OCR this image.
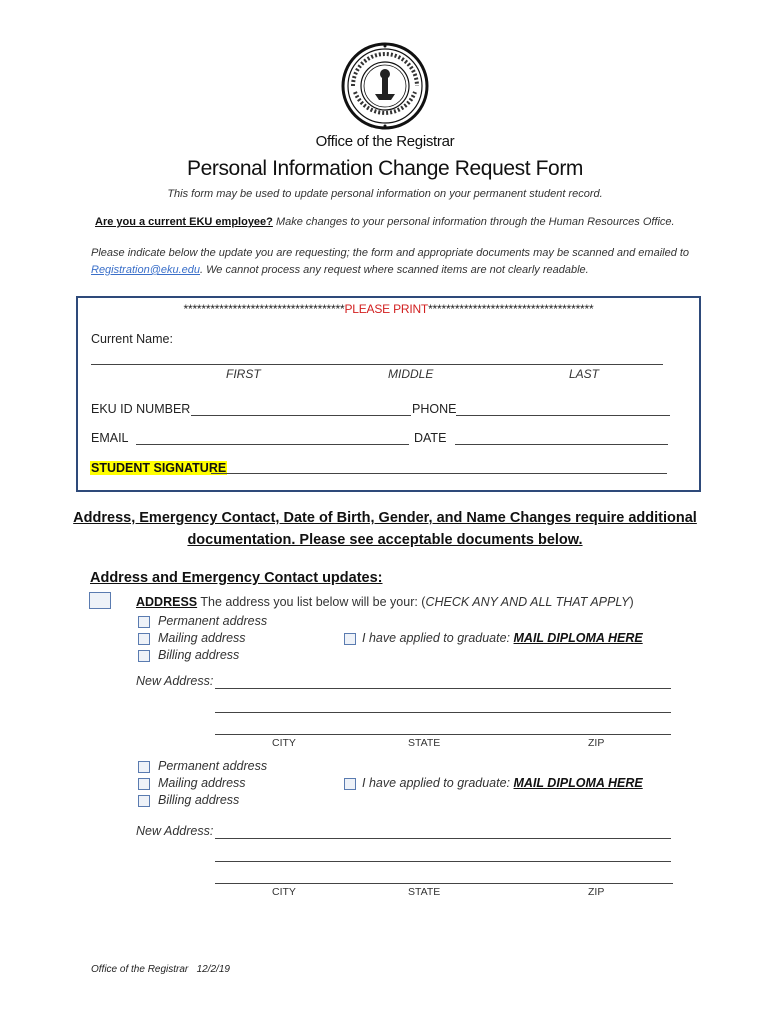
Office of the Registrar
Personal Information Change Request Form
This form may be used to update personal information on your permanent student record.
Are you a current EKU employee? Make changes to your personal information through the Human Resources Office.
Please indicate below the update you are requesting; the form and appropriate documents may be scanned and emailed to Registration@eku.edu. We cannot process any request where scanned items are not clearly readable.
************************************PLEASE PRINT*************************************
Current Name:
FIRST	MIDDLE	LAST
EKU ID NUMBER	PHONE
EMAIL	DATE
STUDENT SIGNATURE
Address, Emergency Contact, Date of Birth, Gender, and Name Changes require additional documentation. Please see acceptable documents below.
Address and Emergency Contact updates:
ADDRESS The address you list below will be your: (CHECK ANY AND ALL THAT APPLY)
Permanent address
Mailing address
Billing address
I have applied to graduate: MAIL DIPLOMA HERE
New Address:
CITY	STATE	ZIP
Permanent address
Mailing address
Billing address
I have applied to graduate: MAIL DIPLOMA HERE
New Address:
CITY	STATE	ZIP
Office of the Registrar   12/2/19
